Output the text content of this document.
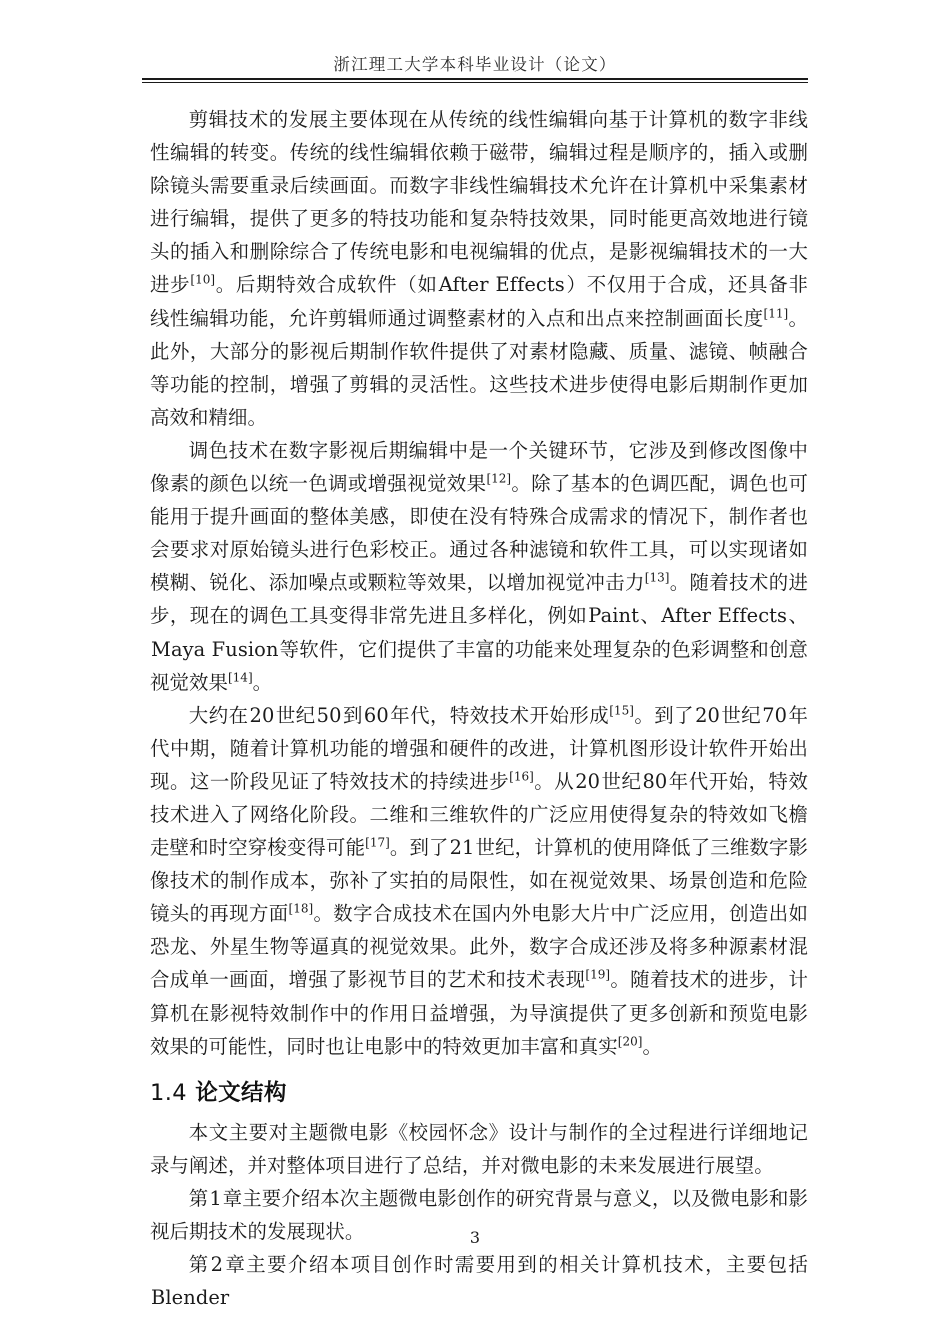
浙江理工大学本科毕业设计（论文）

剪辑技术的发展主要体现在从传统的线性编辑向基于计算机的数字非线性编辑的转变。传统的线性编辑依赖于磁带，编辑过程是顺序的，插入或删除镜头需要重录后续画面。而数字非线性编辑技术允许在计算机中采集素材进行编辑，提供了更多的特技功能和复杂特技效果，同时能更高效地进行镜头的插入和删除综合了传统电影和电视编辑的优点，是影视编辑技术的一大进步[10]。后期特效合成软件（如After Effects）不仅用于合成，还具备非线性编辑功能，允许剪辑师通过调整素材的入点和出点来控制画面长度[11]。此外，大部分的影视后期制作软件提供了对素材隐藏、质量、滤镜、帧融合等功能的控制，增强了剪辑的灵活性。这些技术进步使得电影后期制作更加高效和精细。

调色技术在数字影视后期编辑中是一个关键环节，它涉及到修改图像中像素的颜色以统一色调或增强视觉效果[12]。除了基本的色调匹配，调色也可能用于提升画面的整体美感，即使在没有特殊合成需求的情况下，制作者也会要求对原始镜头进行色彩校正。通过各种滤镜和软件工具，可以实现诸如模糊、锐化、添加噪点或颗粒等效果，以增加视觉冲击力[13]。随着技术的进步，现在的调色工具变得非常先进且多样化，例如Paint、After Effects、Maya Fusion等软件，它们提供了丰富的功能来处理复杂的色彩调整和创意视觉效果[14]。

大约在20世纪50到60年代，特效技术开始形成[15]。到了20世纪70年代中期，随着计算机功能的增强和硬件的改进，计算机图形设计软件开始出现。这一阶段见证了特效技术的持续进步[16]。从20世纪80年代开始，特效技术进入了网络化阶段。二维和三维软件的广泛应用使得复杂的特效如飞檐走壁和时空穿梭变得可能[17]。到了21世纪，计算机的使用降低了三维数字影像技术的制作成本，弥补了实拍的局限性，如在视觉效果、场景创造和危险镜头的再现方面[18]。数字合成技术在国内外电影大片中广泛应用，创造出如恐龙、外星生物等逼真的视觉效果。此外，数字合成还涉及将多种源素材混合成单一画面，增强了影视节目的艺术和技术表现[19]。随着技术的进步，计算机在影视特效制作中的作用日益增强，为导演提供了更多创新和预览电影效果的可能性，同时也让电影中的特效更加丰富和真实[20]。

1.4 论文结构

本文主要对主题微电影《校园怀念》设计与制作的全过程进行详细地记录与阐述，并对整体项目进行了总结，并对微电影的未来发展进行展望。

第1章主要介绍本次主题微电影创作的研究背景与意义，以及微电影和影视后期技术的发展现状。

第2章主要介绍本项目创作时需要用到的相关计算机技术，主要包括Blender

3
